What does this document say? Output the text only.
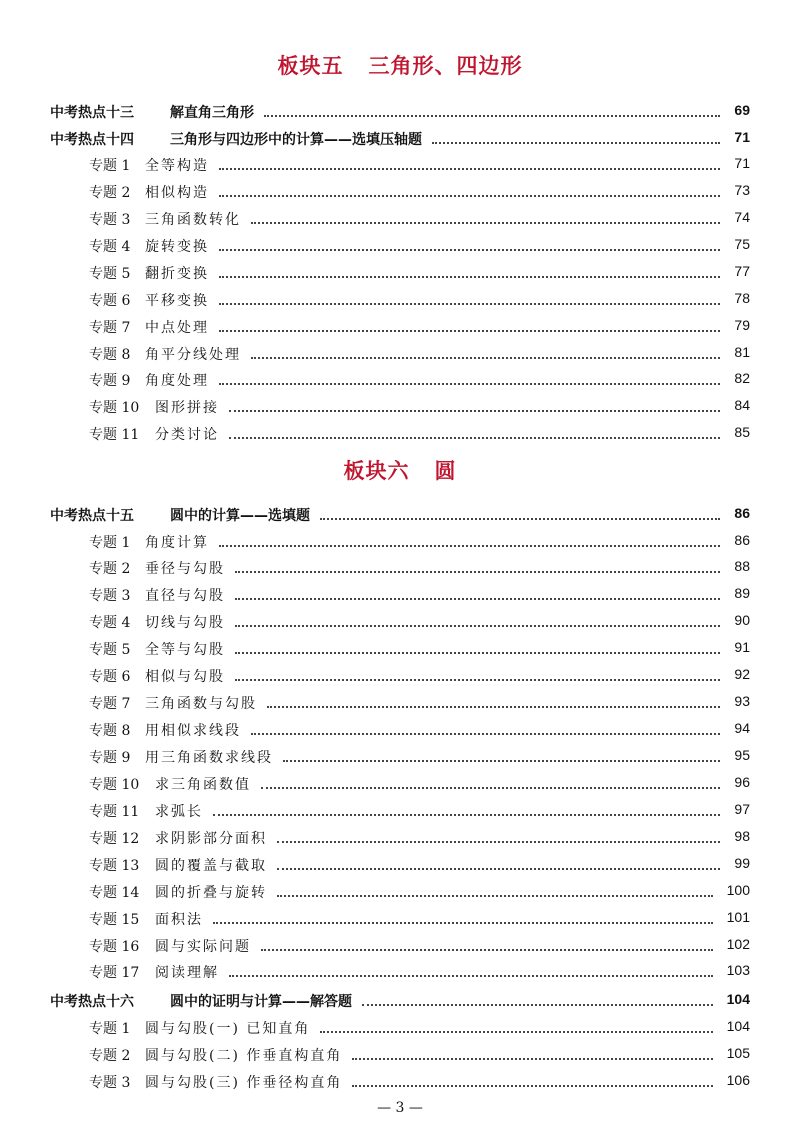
板块五   三角形、四边形
中考热点十三	解直角三角形	69
中考热点十四	三角形与四边形中的计算——选填压轴题	71
专题 1 全等构造	71
专题 2 相似构造	73
专题 3 三角函数转化	74
专题 4 旋转变换	75
专题 5 翻折变换	77
专题 6 平移变换	78
专题 7 中点处理	79
专题 8 角平分线处理	81
专题 9 角度处理	82
专题 10 图形拼接	84
专题 11 分类讨论	85
板块六   圆
中考热点十五	圆中的计算——选填题	86
专题 1 角度计算	86
专题 2 垂径与勾股	88
专题 3 直径与勾股	89
专题 4 切线与勾股	90
专题 5 全等与勾股	91
专题 6 相似与勾股	92
专题 7 三角函数与勾股	93
专题 8 用相似求线段	94
专题 9 用三角函数求线段	95
专题 10 求三角函数值	96
专题 11 求弧长	97
专题 12 求阴影部分面积	98
专题 13 圆的覆盖与截取	99
专题 14 圆的折叠与旋转	100
专题 15 面积法	101
专题 16 圆与实际问题	102
专题 17 阅读理解	103
中考热点十六	圆中的证明与计算——解答题	104
专题 1 圆与勾股(一) 已知直角	104
专题 2 圆与勾股(二) 作垂直构直角	105
专题 3 圆与勾股(三) 作垂径构直角	106
— 3 —
